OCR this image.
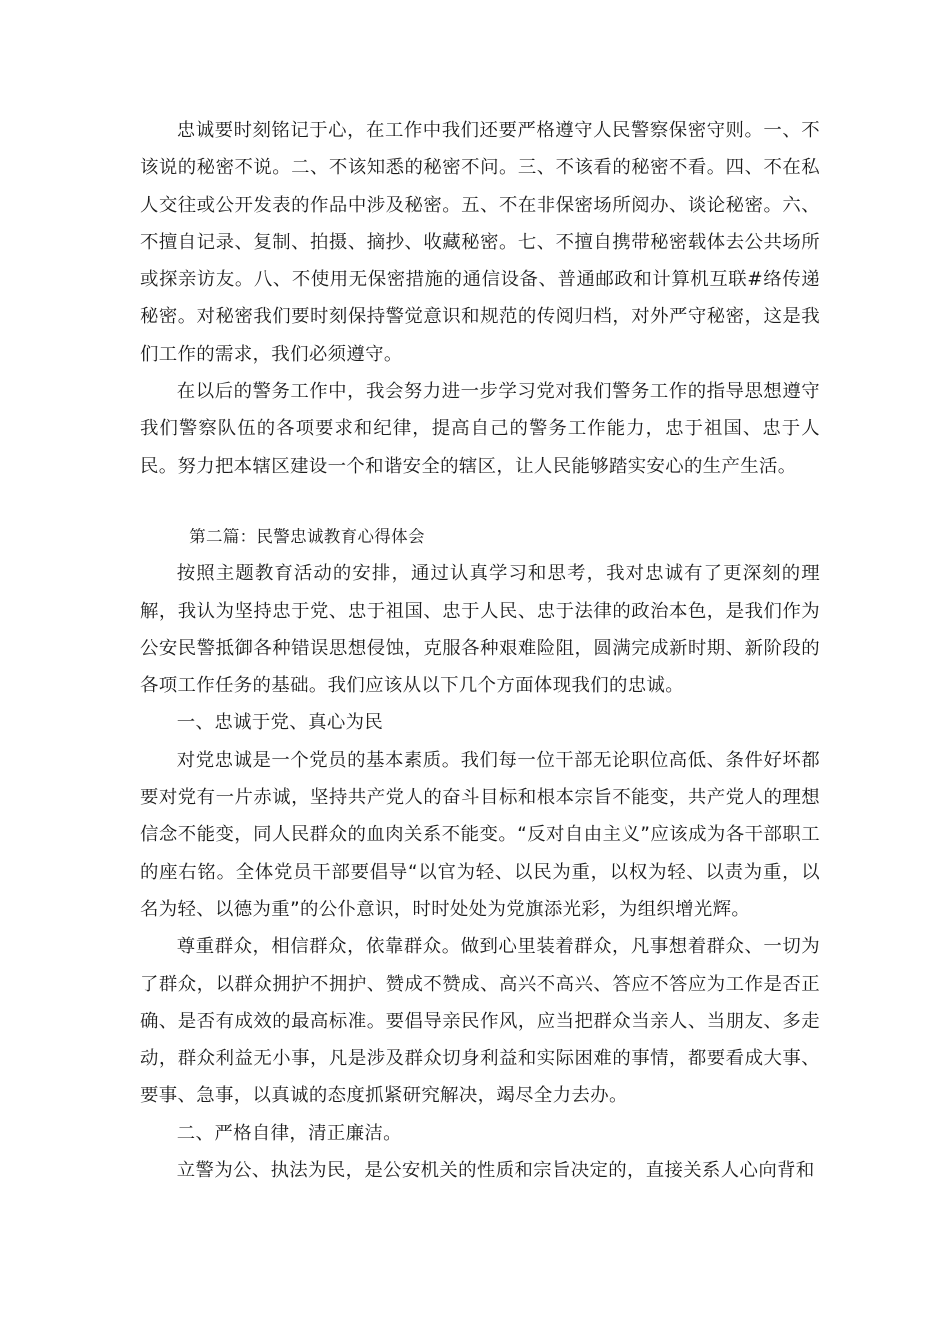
忠诚要时刻铭记于心，在工作中我们还要严格遵守人民警察保密守则。一、不该说的秘密不说。二、不该知悉的秘密不问。三、不该看的秘密不看。四、不在私人交往或公开发表的作品中涉及秘密。五、不在非保密场所阅办、谈论秘密。六、不擅自记录、复制、拍摄、摘抄、收藏秘密。七、不擅自携带秘密载体去公共场所或探亲访友。八、不使用无保密措施的通信设备、普通邮政和计算机互联#络传递秘密。对秘密我们要时刻保持警觉意识和规范的传阅归档，对外严守秘密，这是我们工作的需求，我们必须遵守。

在以后的警务工作中，我会努力进一步学习党对我们警务工作的指导思想遵守我们警察队伍的各项要求和纪律，提高自己的警务工作能力，忠于祖国、忠于人民。努力把本辖区建设一个和谐安全的辖区，让人民能够踏实安心的生产生活。

第二篇：民警忠诚教育心得体会

按照主题教育活动的安排，通过认真学习和思考，我对忠诚有了更深刻的理解，我认为坚持忠于党、忠于祖国、忠于人民、忠于法律的政治本色，是我们作为公安民警抵御各种错误思想侵蚀，克服各种艰难险阻，圆满完成新时期、新阶段的各项工作任务的基础。我们应该从以下几个方面体现我们的忠诚。

一、忠诚于党、真心为民

对党忠诚是一个党员的基本素质。我们每一位干部无论职位高低、条件好坏都要对党有一片赤诚，坚持共产党人的奋斗目标和根本宗旨不能变，共产党人的理想信念不能变，同人民群众的血肉关系不能变。“反对自由主义”应该成为各干部职工的座右铭。全体党员干部要倡导“以官为轻、以民为重，以权为轻、以责为重，以名为轻、以德为重”的公仆意识，时时处处为党旗添光彩，为组织增光辉。

尊重群众，相信群众，依靠群众。做到心里装着群众，凡事想着群众、一切为了群众，以群众拥护不拥护、赞成不赞成、高兴不高兴、答应不答应为工作是否正确、是否有成效的最高标准。要倡导亲民作风，应当把群众当亲人、当朋友、多走动，群众利益无小事，凡是涉及群众切身利益和实际困难的事情，都要看成大事、要事、急事，以真诚的态度抓紧研究解决，竭尽全力去办。

二、严格自律，清正廉洁。

立警为公、执法为民，是公安机关的性质和宗旨决定的，直接关系人心向背和
